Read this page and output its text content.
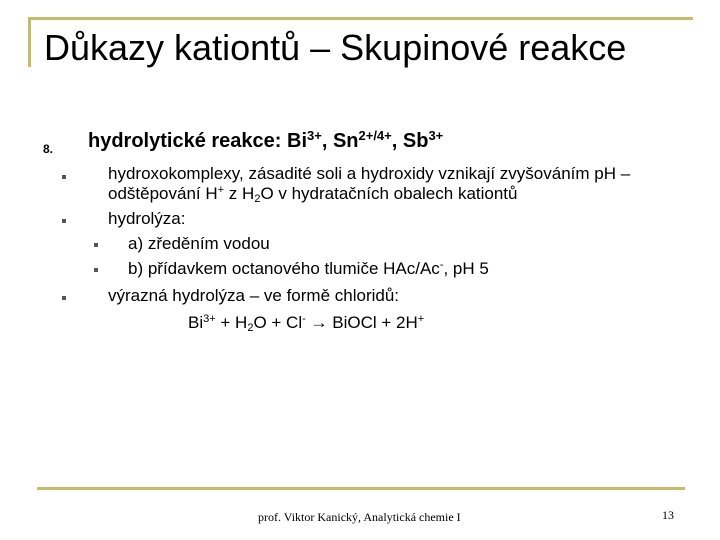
Důkazy kationtů – Skupinové reakce
8. hydrolytické reakce: $Bi^{3+}$, $Sn^{2+/4+}$, $Sb^{3+}$
hydroxokomplexy, zásadité soli a hydroxidy vznikají zvyšováním pH –
odštěpování H+ z $H_2O$ v hydratačních obalech kationtů
hydrolýza:
a) zředěním vodou
b) přídavkem octanového tlumiče HAc/Ac-, pH 5
výrazná hydrolýza – ve formě chloridů:
$Bi^{3+} + H_2O + Cl^-$ → BiOCl + 2H+
prof. Viktor Kanický, Analytická chemie I	13
